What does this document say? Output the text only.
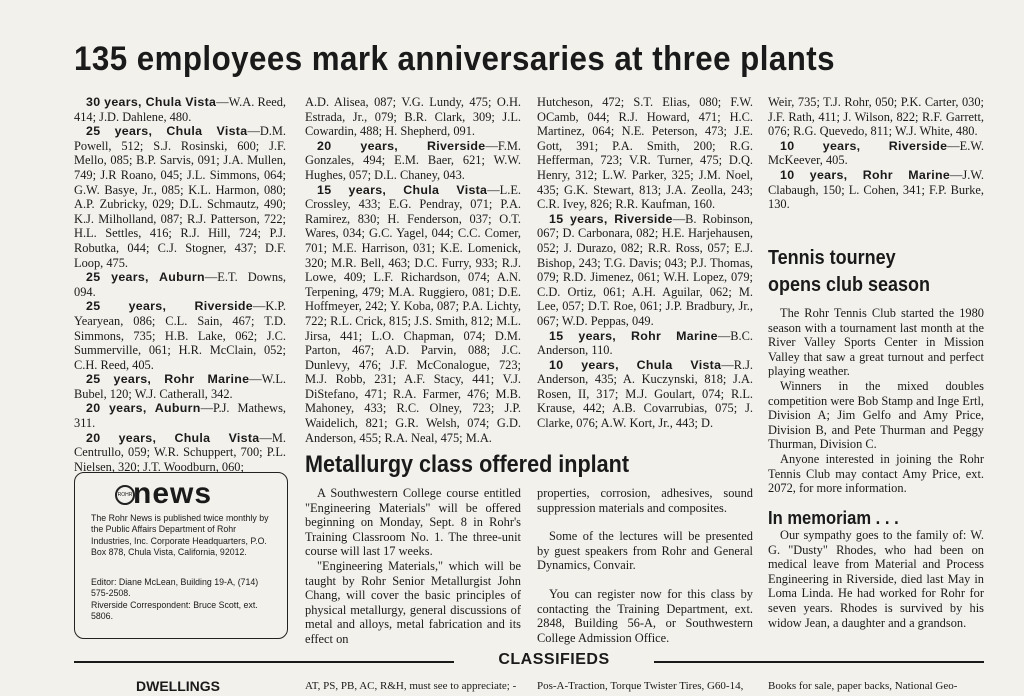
135 employees mark anniversaries at three plants

30 years, Chula Vista—W.A. Reed, 414; J.D. Dahlene, 480.

25 years, Chula Vista—D.M. Powell, 512; S.J. Rosinski, 600; J.F. Mello, 085; B.P. Sarvis, 091; J.A. Mullen, 749; J.R Roano, 045; J.L. Simmons, 064; G.W. Basye, Jr., 085; K.L. Harmon, 080; A.P. Zubricky, 029; D.L. Schmautz, 490; K.J. Milholland, 087; R.J. Patterson, 722; H.L. Settles, 416; R.J. Hill, 724; P.J. Robutka, 044; C.J. Stogner, 437; D.F. Loop, 475.

25 years, Auburn—E.T. Downs, 094.

25 years, Riverside—K.P. Yearyean, 086; C.L. Sain, 467; T.D. Simmons, 735; H.B. Lake, 062; J.C. Summerville, 061; H.R. McClain, 052; C.H. Reed, 405.

25 years, Rohr Marine—W.L. Bubel, 120; W.J. Catherall, 342.

20 years, Auburn—P.J. Mathews, 311.

20 years, Chula Vista—M. Centrullo, 059; W.R. Schuppert, 700; P.L. Nielsen, 320; J.T. Woodburn, 060;

A.D. Alisea, 087; V.G. Lundy, 475; O.H. Estrada, Jr., 079; B.R. Clark, 309; J.L. Cowardin, 488; H. Shepherd, 091.

20 years, Riverside—F.M. Gonzales, 494; E.M. Baer, 621; W.W. Hughes, 057; D.L. Chaney, 043.

15 years, Chula Vista—L.E. Crossley, 433; E.G. Pendray, 071; P.A. Ramirez, 830; H. Fenderson, 037; O.T. Wares, 034; G.C. Yagel, 044; C.C. Comer, 701; M.E. Harrison, 031; K.E. Lomenick, 320; M.R. Bell, 463; D.C. Furry, 933; R.J. Lowe, 409; L.F. Richardson, 074; A.N. Terpening, 479; M.A. Ruggiero, 081; D.E. Hoffmeyer, 242; Y. Koba, 087; P.A. Lichty, 722; R.L. Crick, 815; J.S. Smith, 812; M.L. Jirsa, 441; L.O. Chapman, 074; D.M. Parton, 467; A.D. Parvin, 088; J.C. Dunlevy, 476; J.F. McConalogue, 723; M.J. Robb, 231; A.F. Stacy, 441; V.J. DiStefano, 471; R.A. Farmer, 476; M.B. Mahoney, 433; R.C. Olney, 723; J.P. Waidelich, 821; G.R. Welsh, 074; G.D. Anderson, 455; R.A. Neal, 475; M.A.

Hutcheson, 472; S.T. Elias, 080; F.W. OCamb, 044; R.J. Howard, 471; H.C. Martinez, 064; N.E. Peterson, 473; J.E. Gott, 391; P.A. Smith, 200; R.G. Hefferman, 723; V.R. Turner, 475; D.Q. Henry, 312; L.W. Parker, 325; J.M. Noel, 435; G.K. Stewart, 813; J.A. Zeolla, 243; C.R. Ivey, 826; R.R. Kaufman, 160.

15 years, Riverside—B. Robinson, 067; D. Carbonara, 082; H.E. Harjehausen, 052; J. Durazo, 082; R.R. Ross, 057; E.J. Bishop, 243; T.G. Davis; 043; P.J. Thomas, 079; R.D. Jimenez, 061; W.H. Lopez, 079; C.D. Ortiz, 061; A.H. Aguilar, 062; M. Lee, 057; D.T. Roe, 061; J.P. Bradbury, Jr., 067; W.D. Peppas, 049.

15 years, Rohr Marine—B.C. Anderson, 110.

10 years, Chula Vista—R.J. Anderson, 435; A. Kuczynski, 818; J.A. Rosen, II, 317; M.J. Goulart, 074; R.L. Krause, 442; A.B. Covarrubias, 075; J. Clarke, 076; A.W. Kort, Jr., 443; D.

Weir, 735; T.J. Rohr, 050; P.K. Carter, 030; J.F. Rath, 411; J. Wilson, 822; R.F. Garrett, 076; R.G. Quevedo, 811; W.J. White, 480.

10 years, Riverside—E.W. McKeever, 405.

10 years, Rohr Marine—J.W. Clabaugh, 150; L. Cohen, 341; F.P. Burke, 130.

Tennis tourney
opens club season

The Rohr Tennis Club started the 1980 season with a tournament last month at the River Valley Sports Center in Mission Valley that saw a great turnout and perfect playing weather.

Winners in the mixed doubles competition were Bob Stamp and Inge Ertl, Division A; Jim Gelfo and Amy Price, Division B, and Pete Thurman and Peggy Thurman, Division C.

Anyone interested in joining the Rohr Tennis Club may contact Amy Price, ext. 2072, for more information.

In memoriam . . .

Our sympathy goes to the family of: W. G. "Dusty" Rhodes, who had been on medical leave from Material and Process Engineering in Riverside, died last May in Loma Linda. He had worked for Rohr for seven years. Rhodes is survived by his widow Jean, a daughter and a grandson.

ROHR news
The Rohr News is published twice monthly by the Public Affairs Department of Rohr Industries, Inc. Corporate Headquarters, P.O. Box 878, Chula Vista, California, 92012.
Editor: Diane McLean, Building 19-A, (714) 575-2508.
Riverside Correspondent: Bruce Scott, ext. 5806.
Metallurgy class offered inplant

A Southwestern College course entitled "Engineering Materials" will be offered beginning on Monday, Sept. 8 in Rohr's Training Classroom No. 1. The three-unit course will last 17 weeks.

"Engineering Materials," which will be taught by Rohr Senior Metallurgist John Chang, will cover the basic principles of physical metallurgy, general discussions of metal and alloys, metal fabrication and its effect on

properties, corrosion, adhesives, sound suppression materials and composites.

Some of the lectures will be presented by guest speakers from Rohr and General Dynamics, Convair.

You can register now for this class by contacting the Training Department, ext. 2848, Building 56-A, or Southwestern College Admission Office.

CLASSIFIEDS
DWELLINGS	AT, PS, PB, AC, R&H, must see to appreciate; -	Pos-A-Traction, Torque Twister Tires, G60-14,	Books for sale, paper backs, National Geo-
